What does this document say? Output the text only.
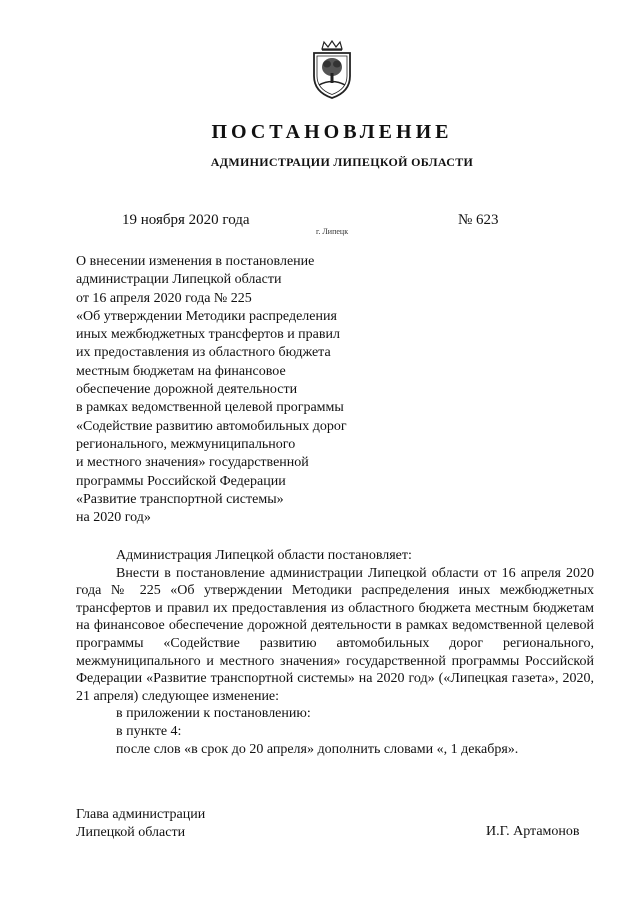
ПОСТАНОВЛЕНИЕ
АДМИНИСТРАЦИИ ЛИПЕЦКОЙ ОБЛАСТИ
19 ноября 2020 года
г. Липецк
№ 623
О внесении изменения в постановление
администрации Липецкой области
от 16 апреля 2020 года № 225
«Об утверждении Методики распределения
иных межбюджетных трансфертов и правил
их предоставления из областного бюджета
местным бюджетам на финансовое
обеспечение дорожной деятельности
в рамках ведомственной целевой программы
«Содействие развитию автомобильных дорог
регионального, межмуниципального
и местного значения» государственной
программы Российской Федерации
«Развитие транспортной системы»
на 2020 год»
Администрация Липецкой области постановляет:
Внести в постановление администрации Липецкой области от 16 апреля 2020 года № 225 «Об утверждении Методики распределения иных межбюджетных трансфертов и правил их предоставления из областного бюджета местным бюджетам на финансовое обеспечение дорожной деятельности в рамках ведомственной целевой программы «Содействие развитию автомобильных дорог регионального, межмуниципального и местного значения» государственной программы Российской Федерации «Развитие транспортной системы» на 2020 год» («Липецкая газета», 2020, 21 апреля) следующее изменение:
в приложении к постановлению:
в пункте 4:
после слов «в срок до 20 апреля» дополнить словами «, 1 декабря».
Глава администрации
Липецкой области	И.Г. Артамонов
